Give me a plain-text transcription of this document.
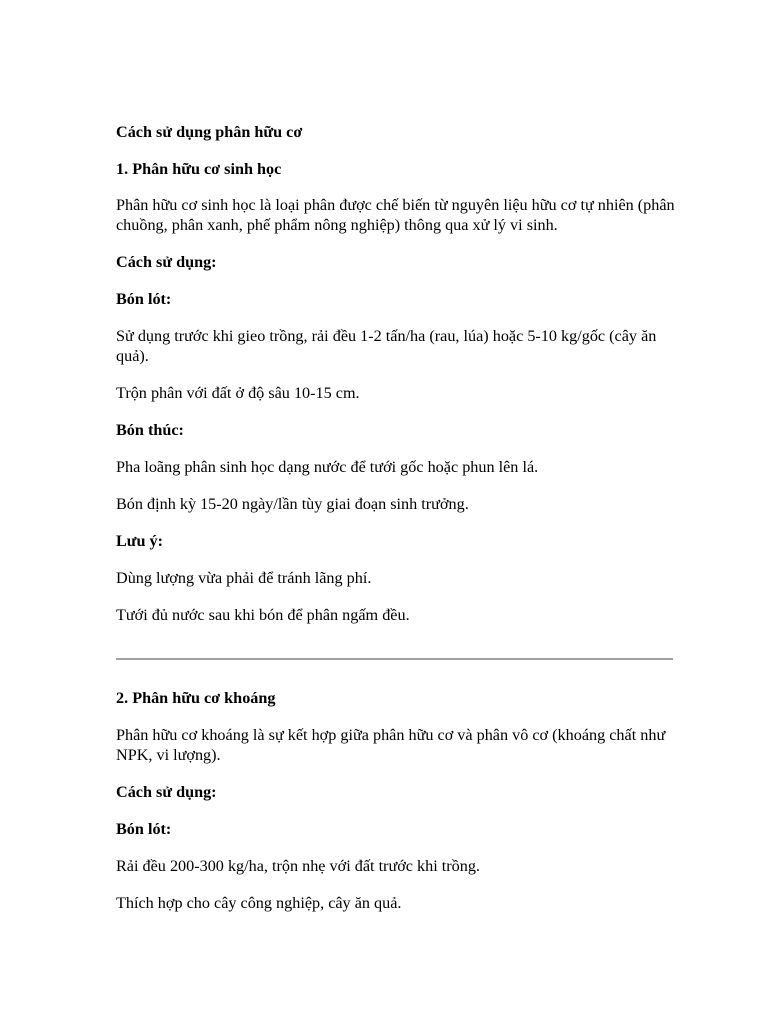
Cách sử dụng phân hữu cơ

1. Phân hữu cơ sinh học

Phân hữu cơ sinh học là loại phân được chế biến từ nguyên liệu hữu cơ tự nhiên (phân chuồng, phân xanh, phế phẩm nông nghiệp) thông qua xử lý vi sinh.

Cách sử dụng:

Bón lót:

Sử dụng trước khi gieo trồng, rải đều 1-2 tấn/ha (rau, lúa) hoặc 5-10 kg/gốc (cây ăn quả).

Trộn phân với đất ở độ sâu 10-15 cm.

Bón thúc:

Pha loãng phân sinh học dạng nước để tưới gốc hoặc phun lên lá.

Bón định kỳ 15-20 ngày/lần tùy giai đoạn sinh trưởng.

Lưu ý:

Dùng lượng vừa phải để tránh lãng phí.

Tưới đủ nước sau khi bón để phân ngấm đều.

2. Phân hữu cơ khoáng

Phân hữu cơ khoáng là sự kết hợp giữa phân hữu cơ và phân vô cơ (khoáng chất như NPK, vi lượng).

Cách sử dụng:

Bón lót:

Rải đều 200-300 kg/ha, trộn nhẹ với đất trước khi trồng.

Thích hợp cho cây công nghiệp, cây ăn quả.
